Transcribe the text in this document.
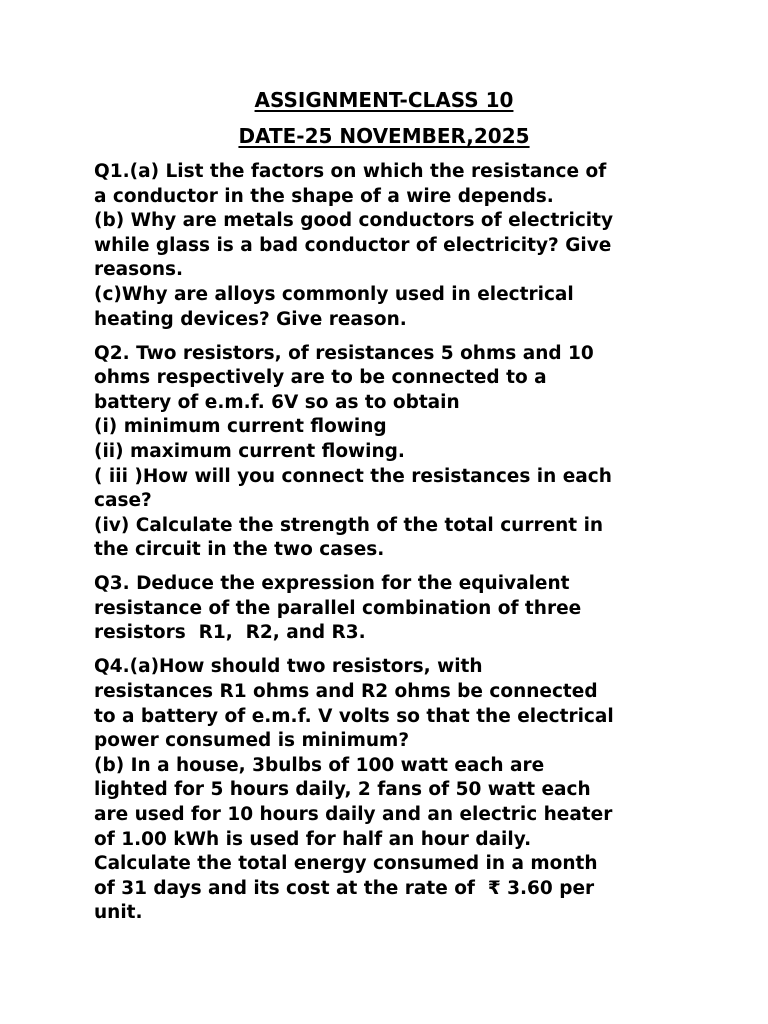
ASSIGNMENT-CLASS 10
DATE-25 NOVEMBER,2025
Q1.(a) List the factors on which the resistance of
a conductor in the shape of a wire depends.
(b) Why are metals good conductors of electricity
while glass is a bad conductor of electricity? Give
reasons.
(c)Why are alloys commonly used in electrical
heating devices? Give reason.
Q2. Two resistors, of resistances 5 ohms and 10
ohms respectively are to be connected to a
battery of e.m.f. 6V so as to obtain
(i) minimum current flowing
(ii) maximum current flowing.
( iii )How will you connect the resistances in each
case?
(iv) Calculate the strength of the total current in
the circuit in the two cases.
Q3. Deduce the expression for the equivalent
resistance of the parallel combination of three
resistors  R1,  R2, and R3.
Q4.(a)How should two resistors, with
resistances R1 ohms and R2 ohms be connected
to a battery of e.m.f. V volts so that the electrical
power consumed is minimum?
(b) In a house, 3bulbs of 100 watt each are
lighted for 5 hours daily, 2 fans of 50 watt each
are used for 10 hours daily and an electric heater
of 1.00 kWh is used for half an hour daily.
Calculate the total energy consumed in a month
of 31 days and its cost at the rate of  ₹ 3.60 per
unit.
